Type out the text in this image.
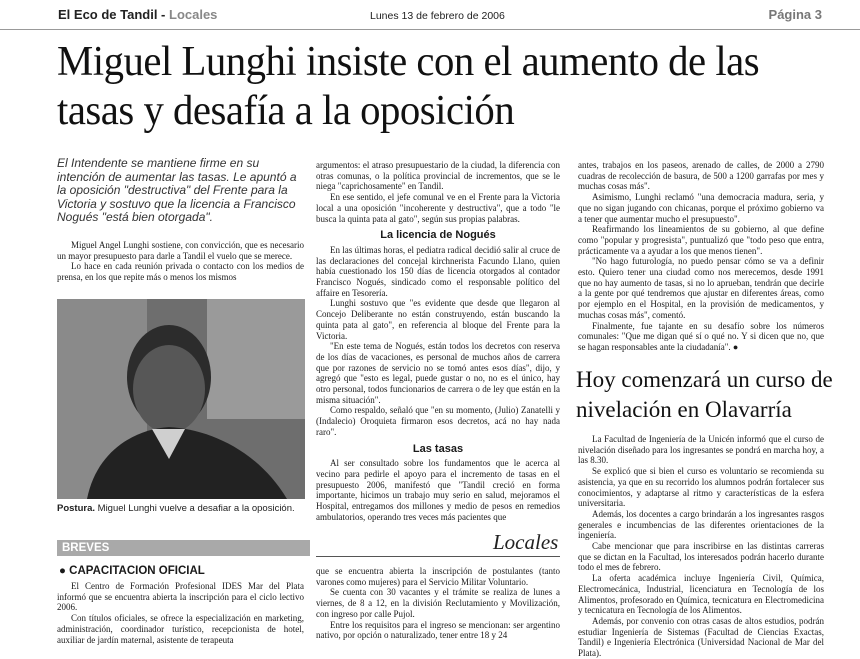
El Eco de Tandil - Locales	Lunes 13 de febrero de 2006	Página 3
Miguel Lunghi insiste con el aumento de las tasas y desafía a la oposición
El Intendente se mantiene firme en su intención de aumentar las tasas. Le apuntó a la oposición "destructiva" del Frente para la Victoria y sostuvo que la licencia a Francisco Nogués "está bien otorgada".

Miguel Angel Lunghi sostiene, con convicción, que es necesario un mayor presupuesto para darle a Tandil el vuelo que se merece.

Lo hace en cada reunión privada o contacto con los medios de prensa, en los que repite más o menos los mismos

Postura. Miguel Lunghi vuelve a desafiar a la oposición.

argumentos: el atraso presupuestario de la ciudad, la diferencia con otras comunas, o la política provincial de incrementos, que se le niega "caprichosamente" en Tandil.

En ese sentido, el jefe comunal ve en el Frente para la Victoria local a una oposición "incoherente y destructiva", que a todo "le busca la quinta pata al gato", según sus propias palabras.

La licencia de Nogués

En las últimas horas, el pediatra radical decidió salir al cruce de las declaraciones del concejal kirchnerista Facundo Llano, quien había cuestionado los 150 días de licencia otorgados al contador Francisco Nogués, sindicado como el responsable político del affaire en Tesorería.

Lunghi sostuvo que "es evidente que desde que llegaron al Concejo Deliberante no están construyendo, están buscando la quinta pata al gato", en referencia al bloque del Frente para la Victoria.

"En este tema de Nogués, están todos los decretos con reserva de los días de vacaciones, es personal de muchos años de carrera que por razones de servicio no se tomó antes esos días", dijo, y agregó que "esto es legal, puede gustar o no, no es el único, hay otro personal, todos funcionarios de carrera o de ley que están en la misma situación".

Como respaldo, señaló que "en su momento, (Julio) Zanatelli y (Indalecio) Oroquieta firmaron esos decretos, acá no hay nada raro".

Las tasas

Al ser consultado sobre los fundamentos que le acerca al vecino para pedirle el apoyo para el incremento de tasas en el presupuesto 2006, manifestó que "Tandil creció en forma importante, hicimos un trabajo muy serio en salud, mejoramos el Hospital, entregamos dos millones y medio de pesos en remedios ambulatorios, operando tres veces más pacientes que

antes, trabajos en los paseos, arenado de calles, de 2000 a 2790 cuadras de recolección de basura, de 500 a 1200 garrafas por mes y muchas cosas más".

Asimismo, Lunghi reclamó "una democracia madura, seria, y que no sigan jugando con chicanas, porque el próximo gobierno va a tener que aumentar mucho el presupuesto".

Reafirmando los lineamientos de su gobierno, al que define como "popular y progresista", puntualizó que "todo peso que entra, prácticamente va a ayudar a los que menos tienen".

"No hago futurología, no puedo pensar cómo se va a definir esto. Quiero tener una ciudad como nos merecemos, desde 1991 que no hay aumento de tasas, si no lo aprueban, tendrán que decirle a la gente por qué tendremos que ajustar en diferentes áreas, como por ejemplo en el Hospital, en la provisión de medicamentos, y muchas cosas más", comentó.

Finalmente, fue tajante en su desafío sobre los números comunales: "Que me digan qué sí o qué no. Y si dicen que no, que se hagan responsables ante la ciudadanía". ●

Hoy comenzará un curso de nivelación en Olavarría

La Facultad de Ingeniería de la Unicén informó que el curso de nivelación diseñado para los ingresantes se pondrá en marcha hoy, a las 8.30.

Se explicó que si bien el curso es voluntario se recomienda su asistencia, ya que en su recorrido los alumnos podrán fortalecer sus conocimientos, y adaptarse al ritmo y características de la esfera universitaria.

Además, los docentes a cargo brindarán a los ingresantes rasgos generales e incumbencias de las diferentes orientaciones de la ingeniería.

Cabe mencionar que para inscribirse en las distintas carreras que se dictan en la Facultad, los interesados podrán hacerlo durante todo el mes de febrero.

La oferta académica incluye Ingeniería Civil, Química, Electromecánica, Industrial, licenciatura en Tecnología de los Alimentos, profesorado en Química, tecnicatura en Electromedicina y tecnicatura en Tecnología de los Alimentos.

Además, por convenio con otras casas de altos estudios, podrán estudiar Ingeniería de Sistemas (Facultad de Ciencias Exactas, Tandil) e Ingeniería Electrónica (Universidad Nacional de Mar del Plata).

Locales
BREVES
● CAPACITACION OFICIAL

El Centro de Formación Profesional IDES Mar del Plata informó que se encuentra abierta la inscripción para el ciclo lectivo 2006.

Con títulos oficiales, se ofrece la especialización en marketing, administración, coordinador turístico, recepcionista de hotel, auxiliar de jardín maternal, asistente de terapeuta

que se encuentra abierta la inscripción de postulantes (tanto varones como mujeres) para el Servicio Militar Voluntario.

Se cuenta con 30 vacantes y el trámite se realiza de lunes a viernes, de 8 a 12, en la división Reclutamiento y Movilización, con ingreso por calle Pujol.

Entre los requisitos para el ingreso se mencionan: ser argentino nativo, por opción o naturalizado, tener entre 18 y 24
